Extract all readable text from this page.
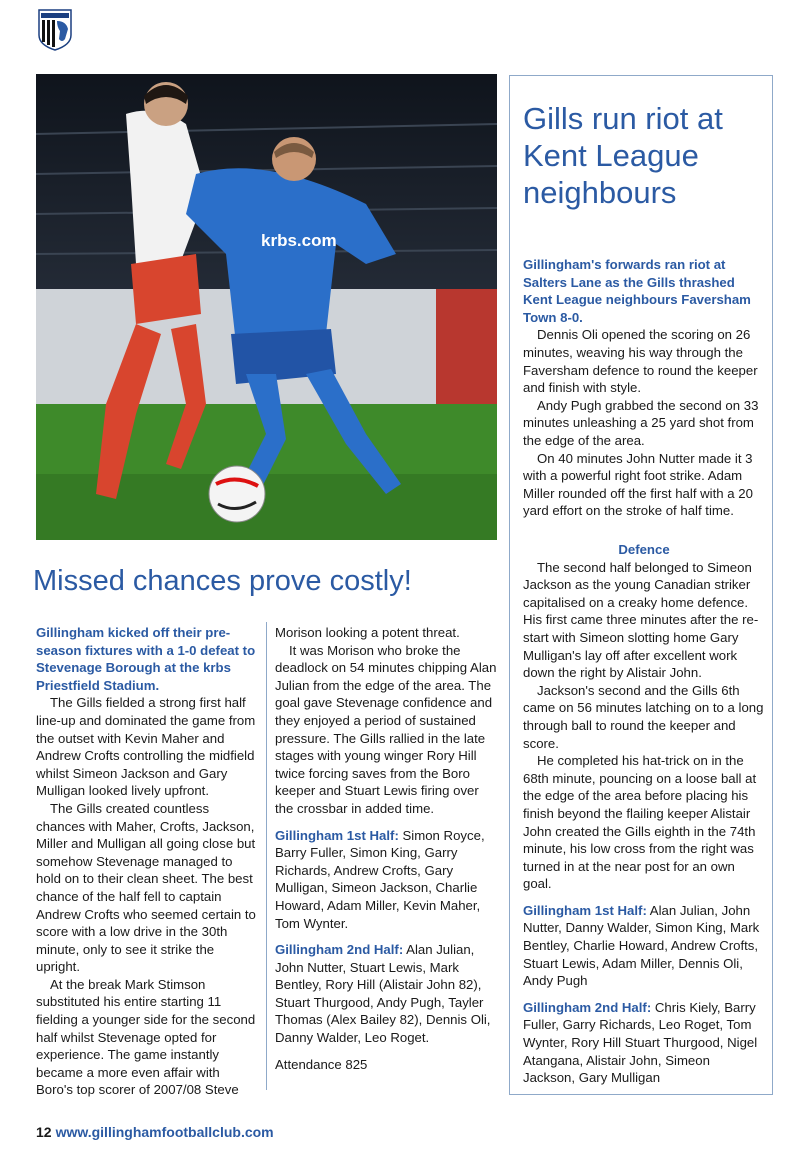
krbs.com
Gills run riot at Kent League neighbours

Gillingham's forwards ran riot at Salters Lane as the Gills thrashed Kent League neighbours Faversham Town 8-0.

Dennis Oli opened the scoring on 26 minutes, weaving his way through the Faversham defence to round the keeper and finish with style.

Andy Pugh grabbed the second on 33 minutes unleashing a 25 yard shot from the edge of the area.

On 40 minutes John Nutter made it 3 with a powerful right foot strike. Adam Miller rounded off the first half with a 20 yard effort on the stroke of half time.

Defence

The second half belonged to Simeon Jackson as the young Canadian striker capitalised on a creaky home defence. His first came three minutes after the re-start with Simeon slotting home Gary Mulligan's lay off after excellent work down the right by Alistair John.

Jackson's second and the Gills 6th came on 56 minutes latching on to a long through ball to round the keeper and score.

He completed his hat-trick on in the 68th minute, pouncing on a loose ball at the edge of the area before placing his finish beyond the flailing keeper Alistair John created the Gills eighth in the 74th minute, his low cross from the right was turned in at the near post for an own goal.

Gillingham 1st Half: Alan Julian, John Nutter, Danny Walder, Simon King, Mark Bentley, Charlie Howard, Andrew Crofts, Stuart Lewis, Adam Miller, Dennis Oli, Andy Pugh

Gillingham 2nd Half: Chris Kiely, Barry Fuller, Garry Richards, Leo Roget, Tom Wynter, Rory Hill Stuart Thurgood, Nigel Atangana, Alistair John, Simeon Jackson, Gary Mulligan

Missed chances prove costly!

Gillingham kicked off their pre-season fixtures with a 1-0 defeat to Stevenage Borough at the krbs Priestfield Stadium.

The Gills fielded a strong first half line-up and dominated the game from the outset with Kevin Maher and Andrew Crofts controlling the midfield whilst Simeon Jackson and Gary Mulligan looked lively upfront.

The Gills created countless chances with Maher, Crofts, Jackson, Miller and Mulligan all going close but somehow Stevenage managed to hold on to their clean sheet. The best chance of the half fell to captain Andrew Crofts who seemed certain to score with a low drive in the 30th minute, only to see it strike the upright.

At the break Mark Stimson substituted his entire starting 11 fielding a younger side for the second half whilst Stevenage opted for experience. The game instantly became a more even affair with Boro's top scorer of 2007/08 Steve

Morison looking a potent threat.

It was Morison who broke the deadlock on 54 minutes chipping Alan Julian from the edge of the area. The goal gave Stevenage confidence and they enjoyed a period of sustained pressure. The Gills rallied in the late stages with young winger Rory Hill twice forcing saves from the Boro keeper and Stuart Lewis firing over the crossbar in added time.

Gillingham 1st Half: Simon Royce, Barry Fuller, Simon King, Garry Richards, Andrew Crofts, Gary Mulligan, Simeon Jackson, Charlie Howard, Adam Miller, Kevin Maher, Tom Wynter.

Gillingham 2nd Half: Alan Julian, John Nutter, Stuart Lewis, Mark Bentley, Rory Hill (Alistair John 82), Stuart Thurgood, Andy Pugh, Tayler Thomas (Alex Bailey 82), Dennis Oli, Danny Walder, Leo Roget.

Attendance 825

12 www.gillinghamfootballclub.com
